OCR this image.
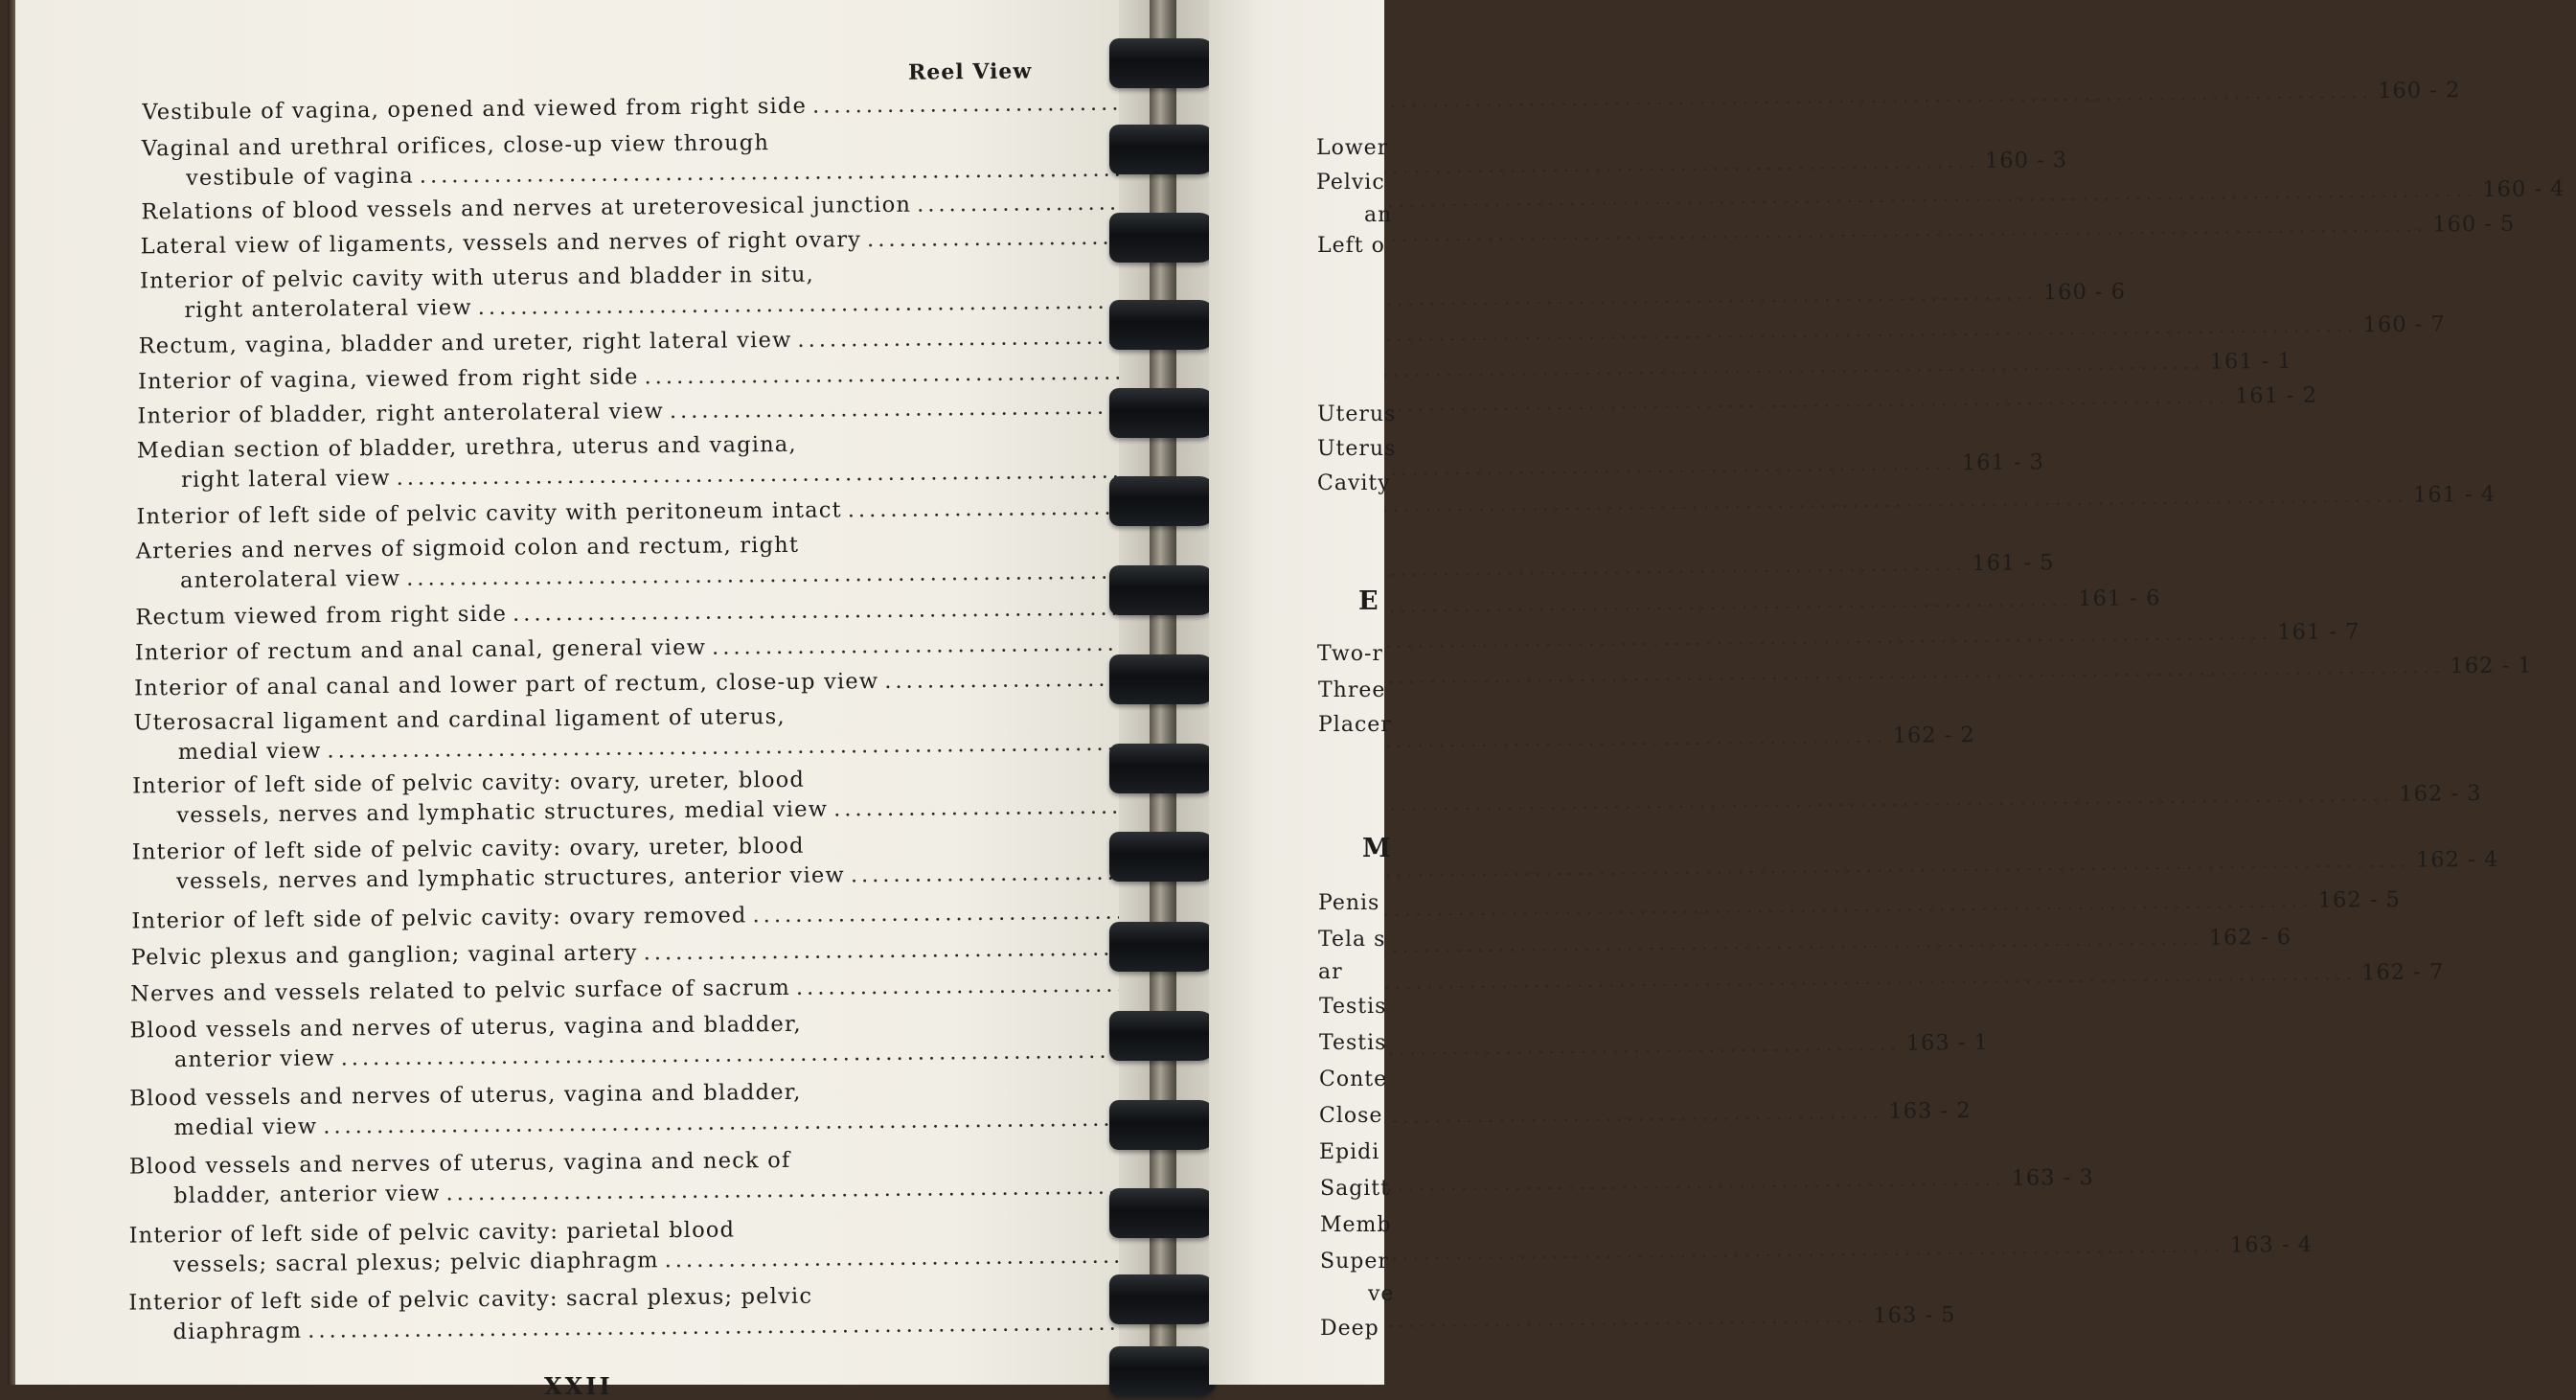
Reel View
Vestibule of vagina, opened and viewed from right side
.....
160 - 2
Vaginal and urethral orifices, close-up view through
vestibule of vagina
.....
160 - 3
Relations of blood vessels and nerves at ureterovesical junction
.....
160 - 4
Lateral view of ligaments, vessels and nerves of right ovary
.....
160 - 5
Interior of pelvic cavity with uterus and bladder in situ,
right anterolateral view
.....
160 - 6
Rectum, vagina, bladder and ureter, right lateral view
.....
160 - 7
Interior of vagina, viewed from right side
.....
161 - 1
Interior of bladder, right anterolateral view
.....
161 - 2
Median section of bladder, urethra, uterus and vagina,
right lateral view
.....
161 - 3
Interior of left side of pelvic cavity with peritoneum intact
.....
161 - 4
Arteries and nerves of sigmoid colon and rectum, right
anterolateral view
.....
161 - 5
Rectum viewed from right side
.....
161 - 6
Interior of rectum and anal canal, general view
.....
161 - 7
Interior of anal canal and lower part of rectum, close-up view
.....
162 - 1
Uterosacral ligament and cardinal ligament of uterus,
medial view
.....
162 - 2
Interior of left side of pelvic cavity: ovary, ureter, blood
vessels, nerves and lymphatic structures, medial view
.....
162 - 3
Interior of left side of pelvic cavity: ovary, ureter, blood
vessels, nerves and lymphatic structures, anterior view
.....
162 - 4
Interior of left side of pelvic cavity: ovary removed
.....
162 - 5
Pelvic plexus and ganglion; vaginal artery
.....
162 - 6
Nerves and vessels related to pelvic surface of sacrum
.....
162 - 7
Blood vessels and nerves of uterus, vagina and bladder,
anterior view
.....
163 - 1
Blood vessels and nerves of uterus, vagina and bladder,
medial view
.....
163 - 2
Blood vessels and nerves of uterus, vagina and neck of
bladder, anterior view
.....
163 - 3
Interior of left side of pelvic cavity: parietal blood
vessels; sacral plexus; pelvic diaphragm
.....
163 - 4
Interior of left side of pelvic cavity: sacral plexus; pelvic
diaphragm
.....
163 - 5
XXII
Lower
Pelvic
an
Left o
Uterus
Uterus
Cavity
Two-r
Three
Placer
Penis
Tela s
ar
Testis
Testis
Conte
Close
Epidi
Sagitt
Memb
Super
ve
Deep
E
M
